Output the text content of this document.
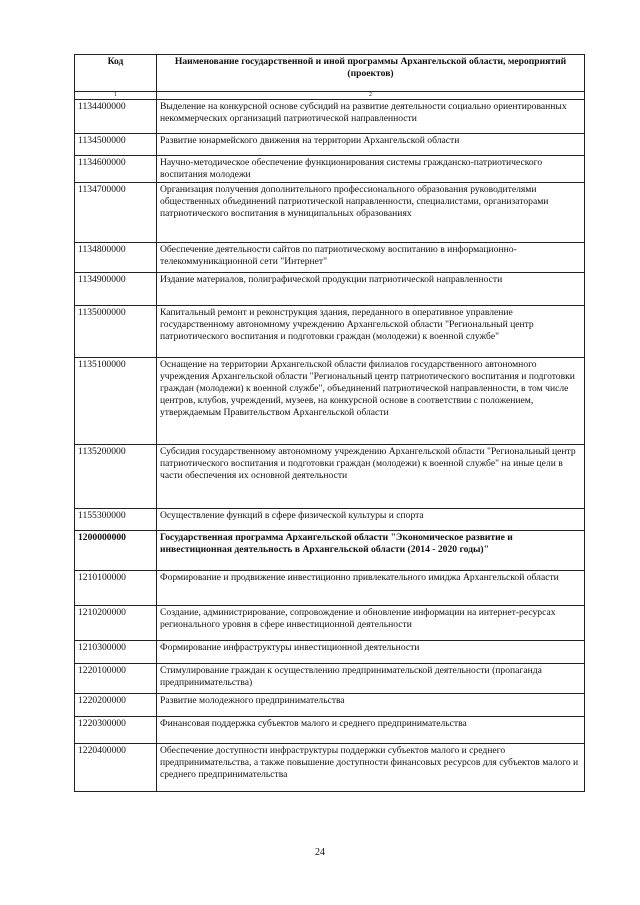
Код	Наименование государственной и иной программы Архангельской области, мероприятий (проектов)
1	2
1134400000	Выделение на конкурсной основе субсидий на развитие деятельности социально ориентированных некоммерческих организаций патриотической направленности
1134500000	Развитие юнармейского движения на территории Архангельской области
1134600000	Научно-методическое обеспечение функционирования системы гражданско-патриотического воспитания молодежи
1134700000	Организация получения дополнительного профессионального образования руководителями общественных объединений патриотической направленности, специалистами, организаторами патриотического воспитания в муниципальных образованиях
1134800000	Обеспечение деятельности сайтов по патриотическому воспитанию в информационно-телекоммуникационной сети "Интернет"
1134900000	Издание материалов, полиграфической продукции патриотической направленности
1135000000	Капитальный ремонт и реконструкция здания, переданного в оперативное управление государственному автономному учреждению Архангельской области "Региональный центр патриотического воспитания и подготовки граждан (молодежи) к военной службе"
1135100000	Оснащение на территории Архангельской области филиалов государственного автономного учреждения Архангельской области "Региональный центр патриотического воспитания и подготовки граждан (молодежи) к военной службе", объединений патриотической направленности, в том числе центров, клубов, учреждений, музеев, на конкурсной основе в соответствии с положением, утверждаемым Правительством Архангельской области
1135200000	Субсидия государственному автономному учреждению Архангельской области "Региональный центр патриотического воспитания и подготовки граждан (молодежи) к военной службе" на иные цели в части обеспечения их основной деятельности
1155300000	Осуществление функций в сфере физической культуры и спорта
1200000000	Государственная программа Архангельской области "Экономическое развитие и инвестиционная деятельность в Архангельской области (2014 - 2020 годы)"
1210100000	Формирование и продвижение инвестиционно привлекательного имиджа Архангельской области
1210200000	Создание, администрирование, сопровождение и обновление информации на интернет-ресурсах регионального уровня в сфере инвестиционной деятельности
1210300000	Формирование инфраструктуры инвестиционной деятельности
1220100000	Стимулирование граждан к осуществлению предпринимательской деятельности (пропаганда предпринимательства)
1220200000	Развитие молодежного предпринимательства
1220300000	Финансовая поддержка субъектов малого и среднего предпринимательства
1220400000	Обеспечение доступности инфраструктуры поддержки субъектов малого и среднего предпринимательства, а также повышение доступности финансовых ресурсов для субъектов малого и среднего предпринимательства
24
